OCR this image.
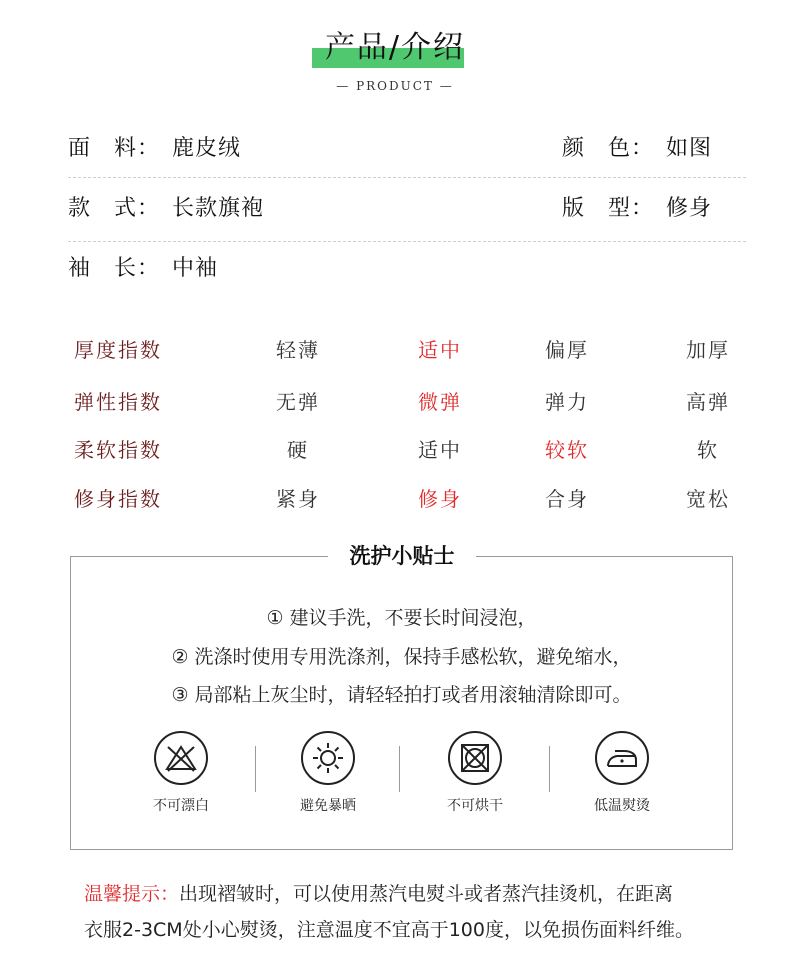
产品/介绍
— PRODUCT —
面　料： 鹿皮绒	颜　色： 如图
款　式： 长款旗袍	版　型： 修身
袖　长： 中袖
厚度指数	轻薄	适中	偏厚	加厚
弹性指数	无弹	微弹	弹力	高弹
柔软指数	硬	适中	较软	软
修身指数	紧身	修身	合身	宽松
洗护小贴士
① 建议手洗，不要长时间浸泡，
② 洗涤时使用专用洗涤剂，保持手感松软，避免缩水，
③ 局部粘上灰尘时，请轻轻拍打或者用滚轴清除即可。
不可漂白	避免暴晒	不可烘干	低温熨烫
温馨提示：出现褶皱时，可以使用蒸汽电熨斗或者蒸汽挂烫机，在距离
衣服2-3CM处小心熨烫，注意温度不宜高于100度，以免损伤面料纤维。
